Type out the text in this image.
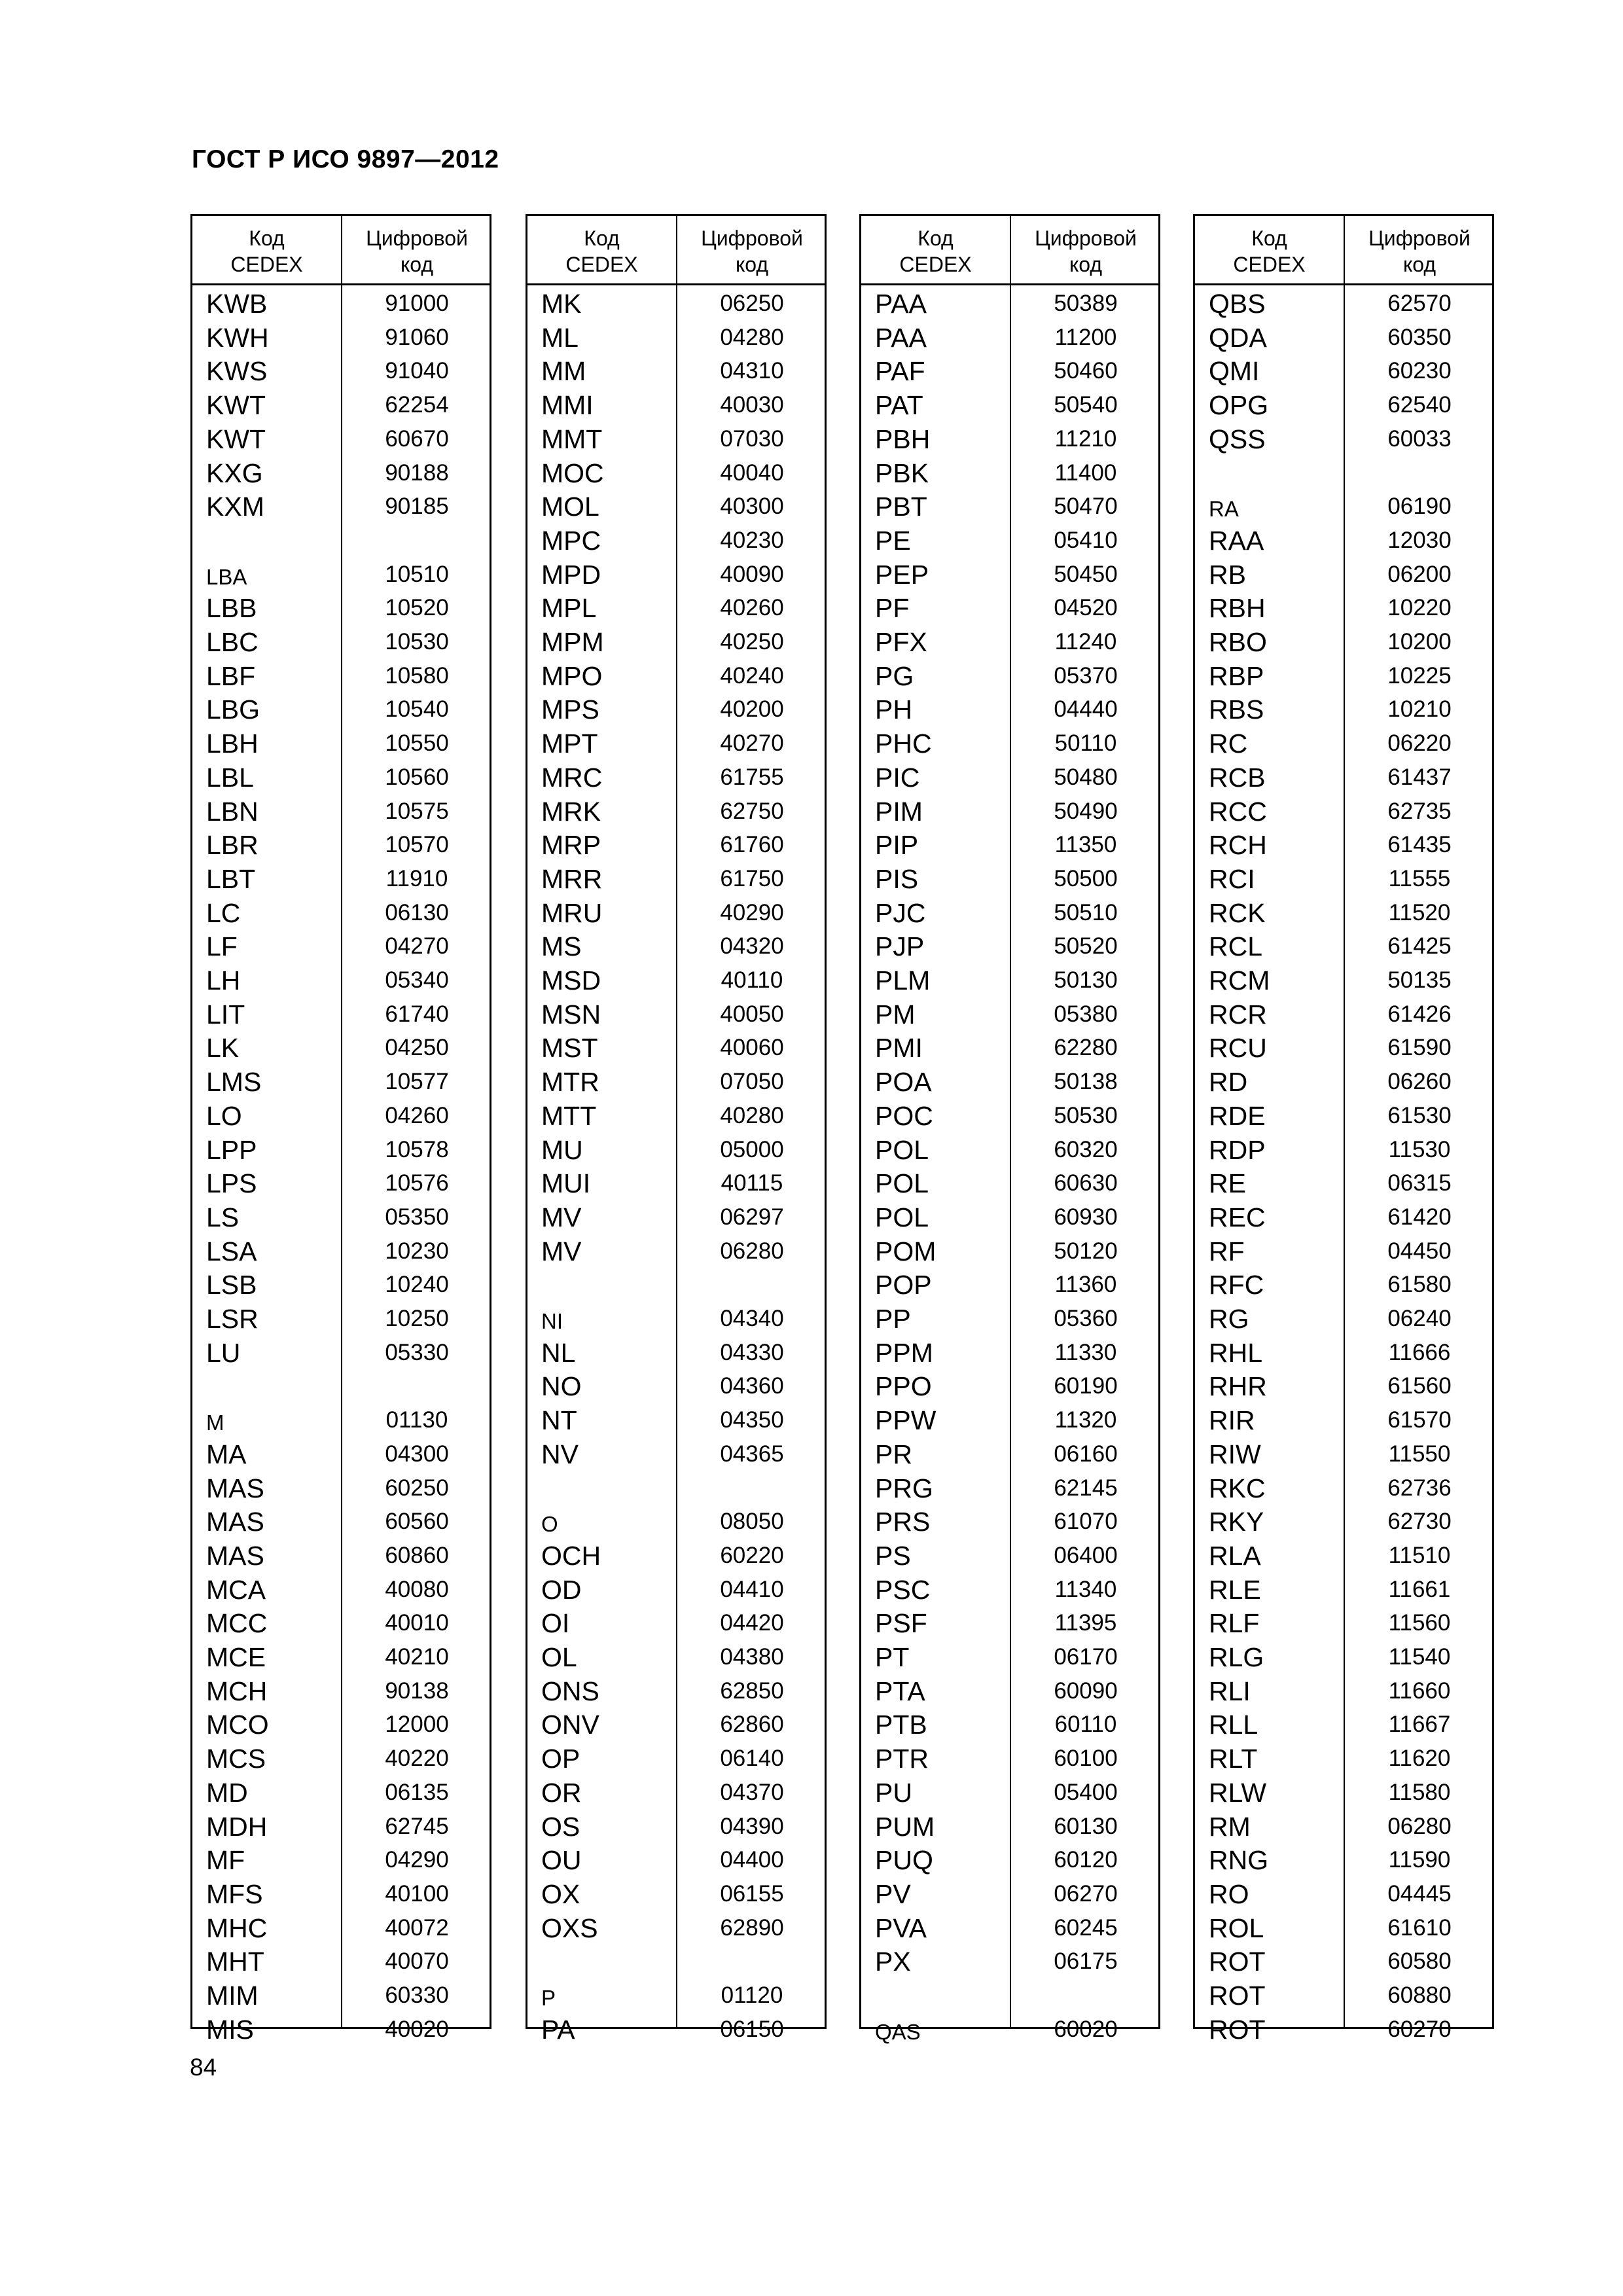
ГОСТ Р ИСО 9897—2012
Код
CEDEX
Цифровой
код
KWB	91000
KWH	91060
KWS	91040
KWT	62254
KWT	60670
KXG	90188
KXM	90185
LBA	10510
LBB	10520
LBC	10530
LBF	10580
LBG	10540
LBH	10550
LBL	10560
LBN	10575
LBR	10570
LBT	11910
LC	06130
LF	04270
LH	05340
LIT	61740
LK	04250
LMS	10577
LO	04260
LPP	10578
LPS	10576
LS	05350
LSA	10230
LSB	10240
LSR	10250
LU	05330
M	01130
MA	04300
MAS	60250
MAS	60560
MAS	60860
MCA	40080
MCC	40010
MCE	40210
MCH	90138
MCO	12000
MCS	40220
MD	06135
MDH	62745
MF	04290
MFS	40100
MHC	40072
MHT	40070
MIM	60330
MIS	40020
Код
CEDEX
Цифровой
код
MK	06250
ML	04280
MM	04310
MMI	40030
MMT	07030
MOC	40040
MOL	40300
MPC	40230
MPD	40090
MPL	40260
MPM	40250
MPO	40240
MPS	40200
MPT	40270
MRC	61755
MRK	62750
MRP	61760
MRR	61750
MRU	40290
MS	04320
MSD	40110
MSN	40050
MST	40060
MTR	07050
MTT	40280
MU	05000
MUI	40115
MV	06297
MV	06280
NI	04340
NL	04330
NO	04360
NT	04350
NV	04365
O	08050
OCH	60220
OD	04410
OI	04420
OL	04380
ONS	62850
ONV	62860
OP	06140
OR	04370
OS	04390
OU	04400
OX	06155
OXS	62890
P	01120
PA	06150
Код
CEDEX
Цифровой
код
PAA	50389
PAA	11200
PAF	50460
PAT	50540
PBH	11210
PBK	11400
PBT	50470
PE	05410
PEP	50450
PF	04520
PFX	11240
PG	05370
PH	04440
PHC	50110
PIC	50480
PIM	50490
PIP	11350
PIS	50500
PJC	50510
PJP	50520
PLM	50130
PM	05380
PMI	62280
POA	50138
POC	50530
POL	60320
POL	60630
POL	60930
POM	50120
POP	11360
PP	05360
PPM	11330
PPO	60190
PPW	11320
PR	06160
PRG	62145
PRS	61070
PS	06400
PSC	11340
PSF	11395
PT	06170
PTA	60090
PTB	60110
PTR	60100
PU	05400
PUM	60130
PUQ	60120
PV	06270
PVA	60245
PX	06175
QAS	60020
Код
CEDEX
Цифровой
код
QBS	62570
QDA	60350
QMI	60230
OPG	62540
QSS	60033
RA	06190
RAA	12030
RB	06200
RBH	10220
RBO	10200
RBP	10225
RBS	10210
RC	06220
RCB	61437
RCC	62735
RCH	61435
RCI	11555
RCK	11520
RCL	61425
RCM	50135
RCR	61426
RCU	61590
RD	06260
RDE	61530
RDP	11530
RE	06315
REC	61420
RF	04450
RFC	61580
RG	06240
RHL	11666
RHR	61560
RIR	61570
RIW	11550
RKC	62736
RKY	62730
RLA	11510
RLE	11661
RLF	11560
RLG	11540
RLI	11660
RLL	11667
RLT	11620
RLW	11580
RM	06280
RNG	11590
RO	04445
ROL	61610
ROT	60580
ROT	60880
ROT	60270
84
